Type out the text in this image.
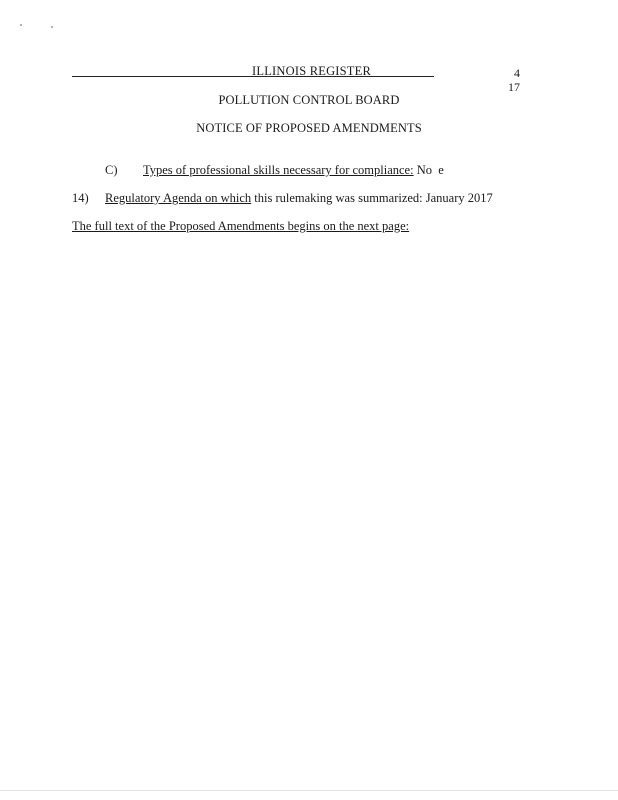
ILLINOIS REGISTER	4
17
POLLUTION CONTROL BOARD
NOTICE OF PROPOSED AMENDMENTS
C) Types of professional skills necessary for compliance: No  e
14) Regulatory Agenda on which this rulemaking was summarized: January 2017
The full text of the Proposed Amendments begins on the next page:
